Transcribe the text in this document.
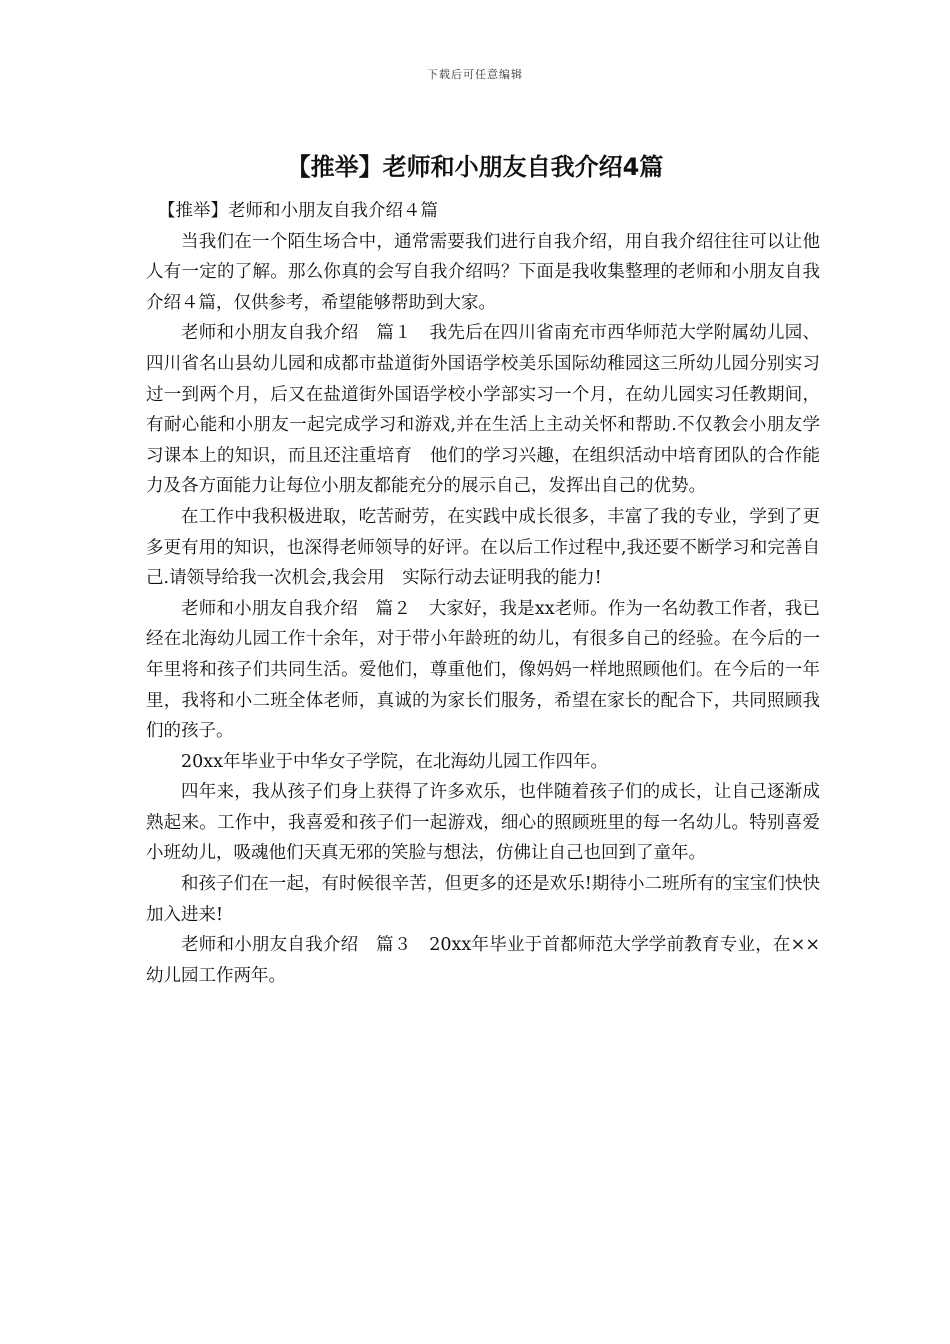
下载后可任意编辑
【推举】老师和小朋友自我介绍4篇

【推举】老师和小朋友自我介绍４篇

当我们在一个陌生场合中，通常需要我们进行自我介绍，用自我介绍往往可以让他人有一定的了解。那么你真的会写自我介绍吗？下面是我收集整理的老师和小朋友自我介绍４篇，仅供参考，希望能够帮助到大家。

老师和小朋友自我介绍　篇１　我先后在四川省南充市西华师范大学附属幼儿园、四川省名山县幼儿园和成都市盐道街外国语学校美乐国际幼稚园这三所幼儿园分别实习过一到两个月，后又在盐道街外国语学校小学部实习一个月，在幼儿园实习任教期间，有耐心能和小朋友一起完成学习和游戏,并在生活上主动关怀和帮助.不仅教会小朋友学习课本上的知识，而且还注重培育　他们的学习兴趣，在组织活动中培育团队的合作能力及各方面能力让每位小朋友都能充分的展示自己，发挥出自己的优势。

在工作中我积极进取，吃苦耐劳，在实践中成长很多，丰富了我的专业，学到了更多更有用的知识，也深得老师领导的好评。在以后工作过程中,我还要不断学习和完善自己.请领导给我一次机会,我会用　实际行动去证明我的能力!

老师和小朋友自我介绍　篇２　大家好，我是xx老师。作为一名幼教工作者，我已经在北海幼儿园工作十余年，对于带小年龄班的幼儿，有很多自己的经验。在今后的一年里将和孩子们共同生活。爱他们，尊重他们，像妈妈一样地照顾他们。在今后的一年里，我将和小二班全体老师，真诚的为家长们服务，希望在家长的配合下，共同照顾我们的孩子。

20xx年毕业于中华女子学院，在北海幼儿园工作四年。

四年来，我从孩子们身上获得了许多欢乐，也伴随着孩子们的成长，让自己逐渐成熟起来。工作中，我喜爱和孩子们一起游戏，细心的照顾班里的每一名幼儿。特别喜爱小班幼儿，吸魂他们天真无邪的笑脸与想法，仿佛让自己也回到了童年。

和孩子们在一起，有时候很辛苦，但更多的还是欢乐!期待小二班所有的宝宝们快快加入进来!

老师和小朋友自我介绍　篇３　20xx年毕业于首都师范大学学前教育专业，在××幼儿园工作两年。
